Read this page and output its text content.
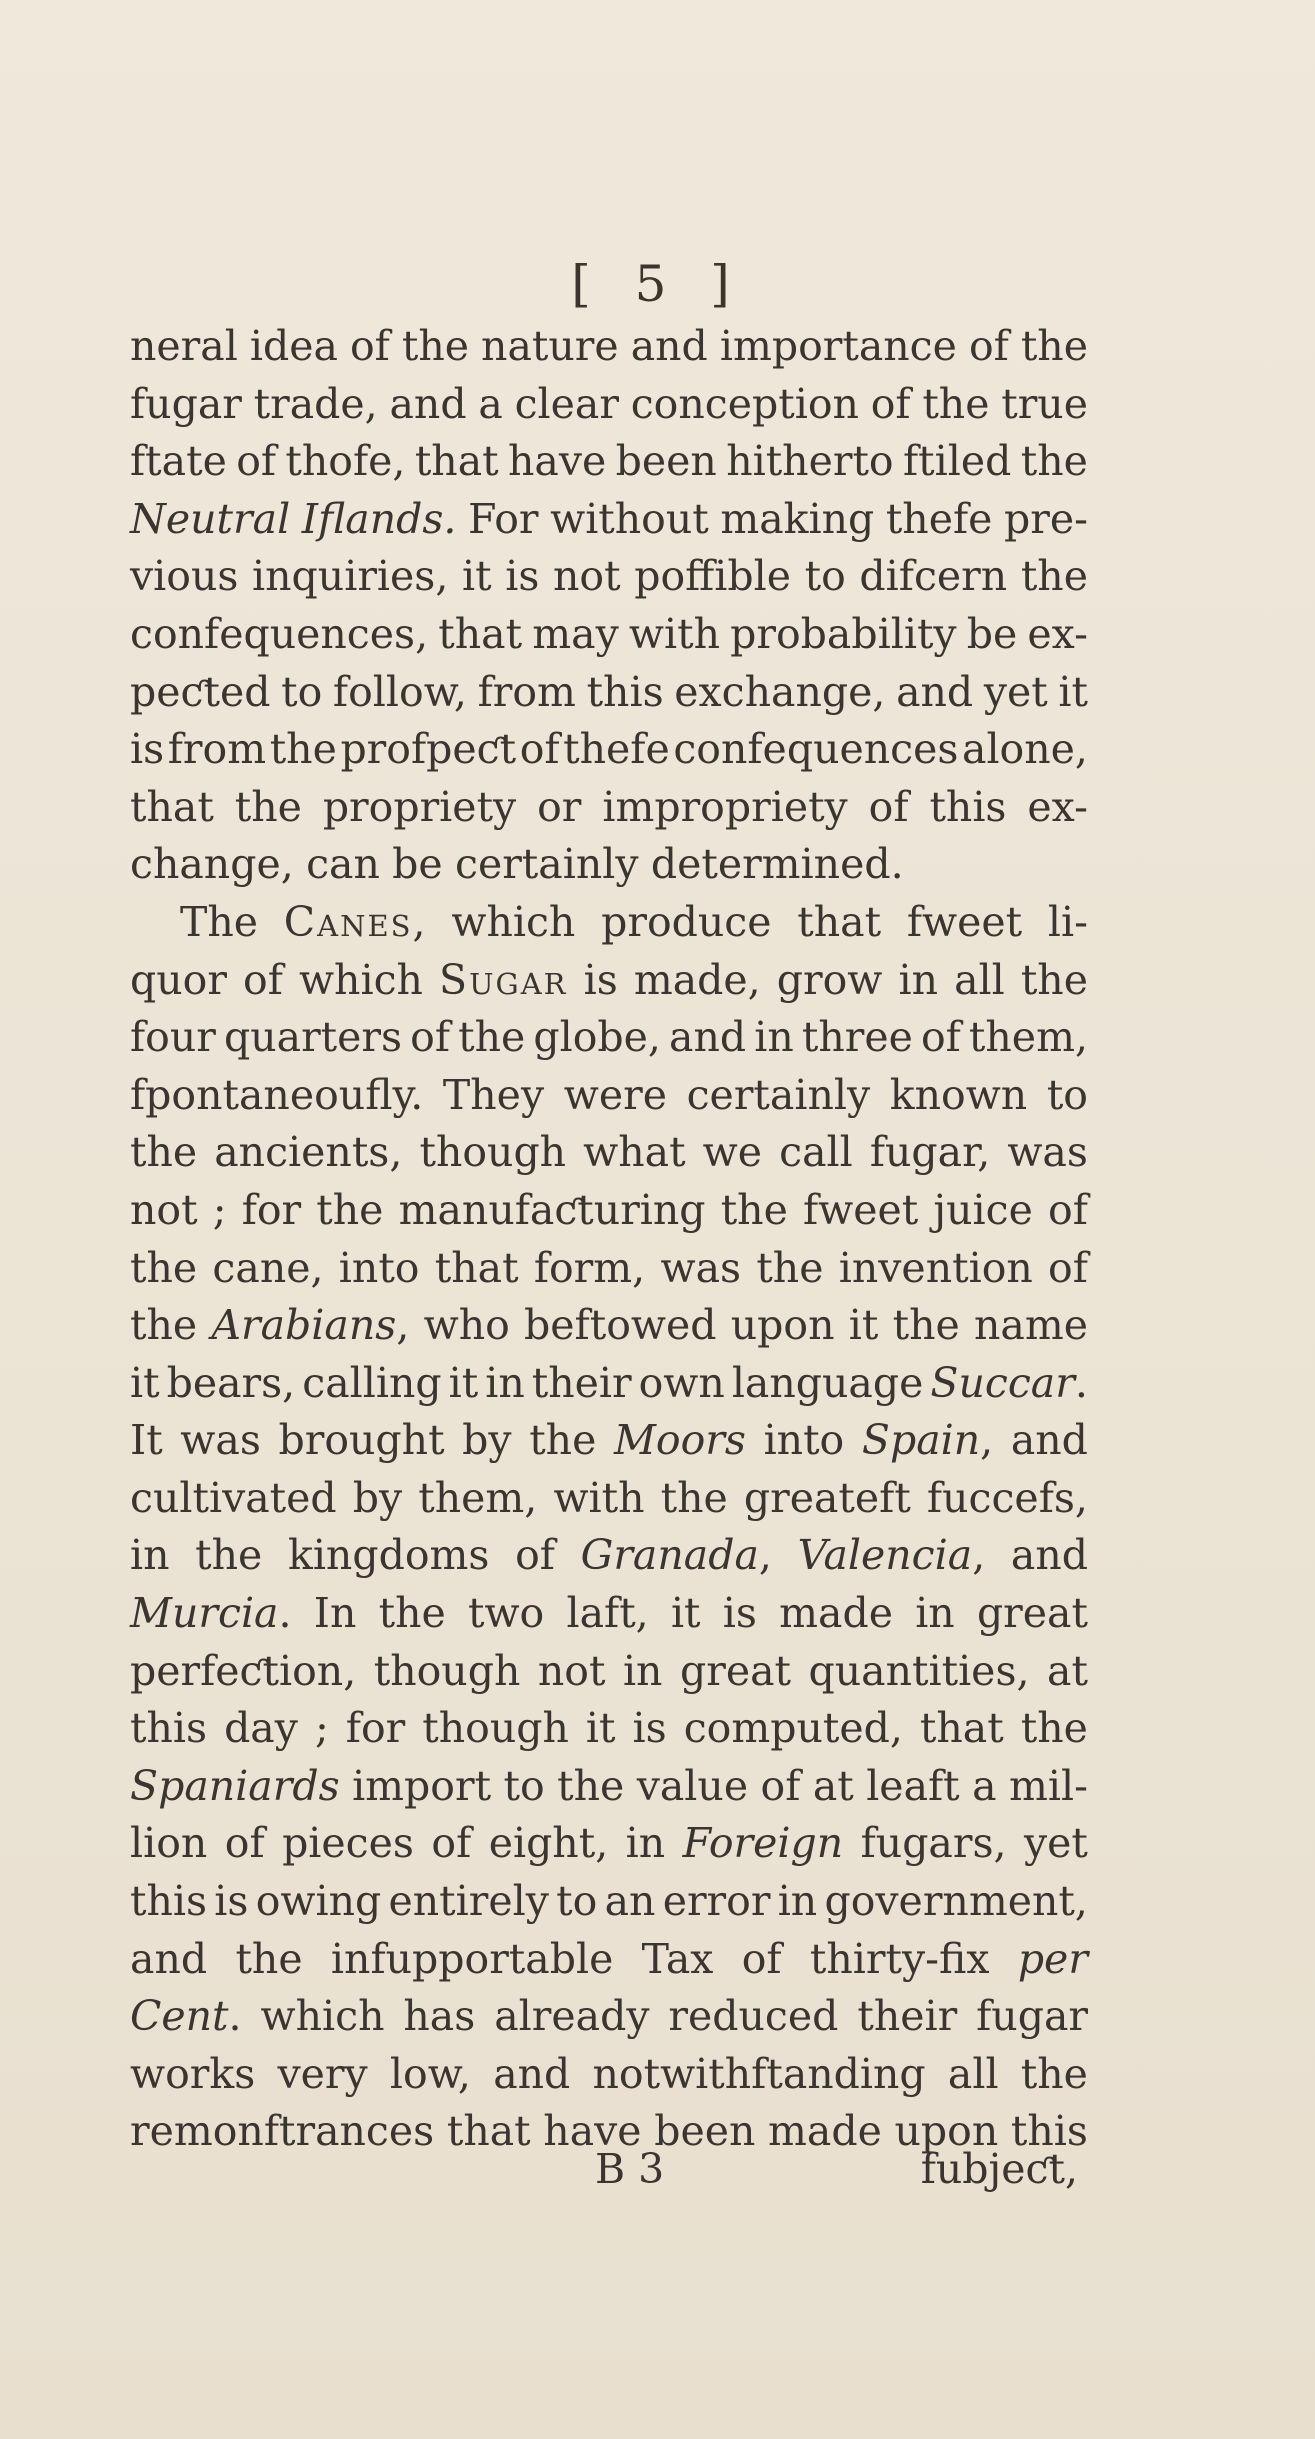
[ 5 ]
neral idea of the nature and importance of the
fugar trade, and a clear conception of the true
ftate of thofe, that have been hitherto ftiled the
Neutral Iflands. For without making thefe pre-
vious inquiries, it is not poffible to difcern the
confequences, that may with probability be ex-
peƈted to follow, from this exchange, and yet it
is from the profpeƈt of thefe confequences alone,
that the propriety or impropriety of this ex-
change, can be certainly determined.
The Canes, which produce that fweet li-
quor of which Sugar is made, grow in all the
four quarters of the globe, and in three of them,
fpontaneoufly. They were certainly known to
the ancients, though what we call fugar, was
not ; for the manufaƈturing the fweet juice of
the cane, into that form, was the invention of
the Arabians, who beftowed upon it the name
it bears, calling it in their own language Succar.
It was brought by the Moors into Spain, and
cultivated by them, with the greateft fuccefs,
in the kingdoms of Granada, Valencia, and
Murcia. In the two laft, it is made in great
perfeƈtion, though not in great quantities, at
this day ; for though it is computed, that the
Spaniards import to the value of at leaft a mil-
lion of pieces of eight, in Foreign fugars, yet
this is owing entirely to an error in government,
and the infupportable Tax of thirty-fix per
Cent. which has already reduced their fugar
works very low, and notwithftanding all the
remonftrances that have been made upon this
B 3	fubjeƈt,
